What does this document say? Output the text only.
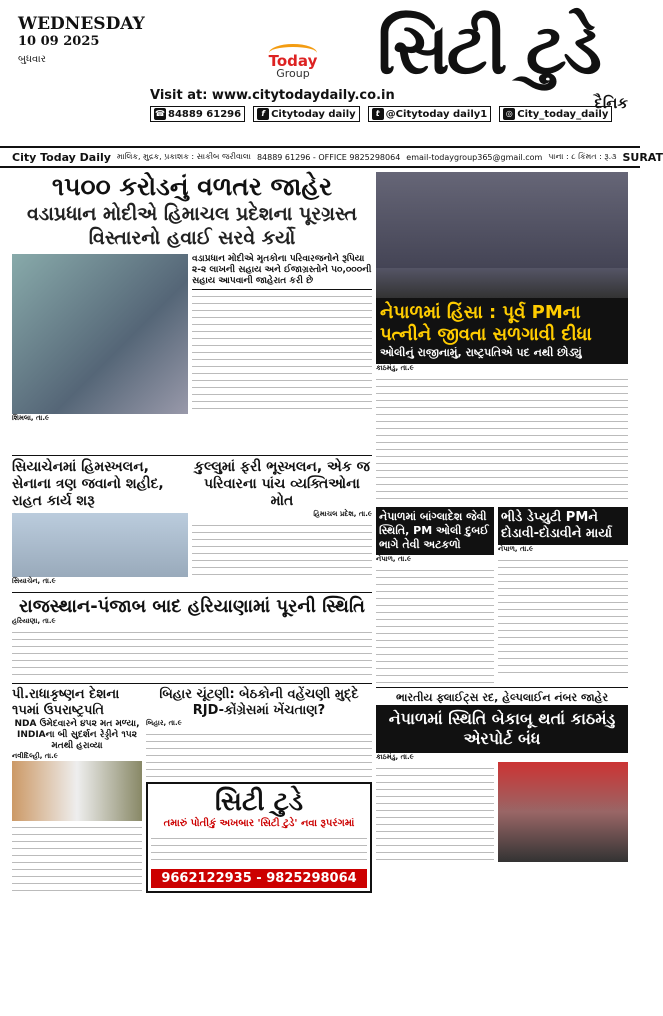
WEDNESDAY
10 09 2025
બુધવાર	Today
Group સિટી ટુડે
દૈનિક
Visit at: www.citytodaydaily.co.in
☎ 84889 61296	f Citytoday daily	t @Citytoday daily1	◎ City_today_daily
City Today Daily માલિક, મુદ્રક, પ્રકાશક : સાકીબ જરીવાલા 84889 61296 - OFFICE 9825298064 email-todaygroup365@gmail.com પાના : ૮ કિંમત : રૂ.૩ SURAT
૧૫૦૦ કરોડનું વળતર જાહેર
વડાપ્રધાન મોદીએ હિમાચલ પ્રદેશના પૂરગ્રસ્ત વિસ્તારનો હવાઈ સરવે કર્યો
વડાપ્રધાન મોદીએ મૃતકોના પરિવારજનોને રૂપિયા ૨-૨ લાખની સહાય અને ઈજાગ્રસ્તોને ૫૦,૦૦૦ની સહાય આપવાની જાહેરાત કરી છે
શિમલા, તા.૯
સિયાચેનમાં હિમસ્ખલન, સેનાના ત્રણ જવાનો શહીદ, રાહત કાર્ય શરૂ
સિયાચેન, તા.૯
કુલ્લુમાં ફરી ભૂસ્ખલન, એક જ પરિવારના પાંચ વ્યક્તિઓના મોત
હિમાચલ પ્રદેશ, તા.૯
રાજસ્થાન-પંજાબ બાદ હરિયાણામાં પૂરની સ્થિતિ
હરિયાણા, તા.૯
પી.રાધાકૃષ્ણન દેશના ૧૫માં ઉપરાષ્ટ્રપતિ
NDA ઉમેદવારને ૪૫૨ મત મળ્યા, INDIAના બી સુદર્શન રેડ્ડીને ૧૫૨ મતથી હરાવ્યા
નવીદિલ્હી, તા.૯
બિહાર ચૂંટણી: બેઠકોની વહેંચણી મુદ્દે RJD-કોંગ્રેસમાં ખેંચતાણ?
બિહાર, તા.૯
સિટી ટુડે
તમારું પોતીકું અખબાર 'સિટી ટુડે' નવા રૂપરંગમાં
9662122935 - 9825298064
નેપાળમાં હિંસા : પૂર્વ PMના પત્નીને જીવતા સળગાવી દીધા
ઓલીનું રાજીનામું, રાષ્ટ્રપતિએ પદ નથી છોડ્યું
કાઠમંડુ, તા.૯
નેપાળમાં બાંગ્લાદેશ જેવી સ્થિતિ, PM ઓલી દુબઈ ભાગે તેવી અટકળો
નેપાળ, તા.૯
ભીડે ડેપ્યુટી PMને દોડાવી-દોડાવીને માર્યા
નેપાળ, તા.૯
ભારતીય ફ્લાઈટ્સ રદ, હેલ્પલાઈન નંબર જાહેર
નેપાળમાં સ્થિતિ બેકાબૂ થતાં કાઠમંડુ એરપોર્ટ બંધ
કાઠમંડુ, તા.૯
